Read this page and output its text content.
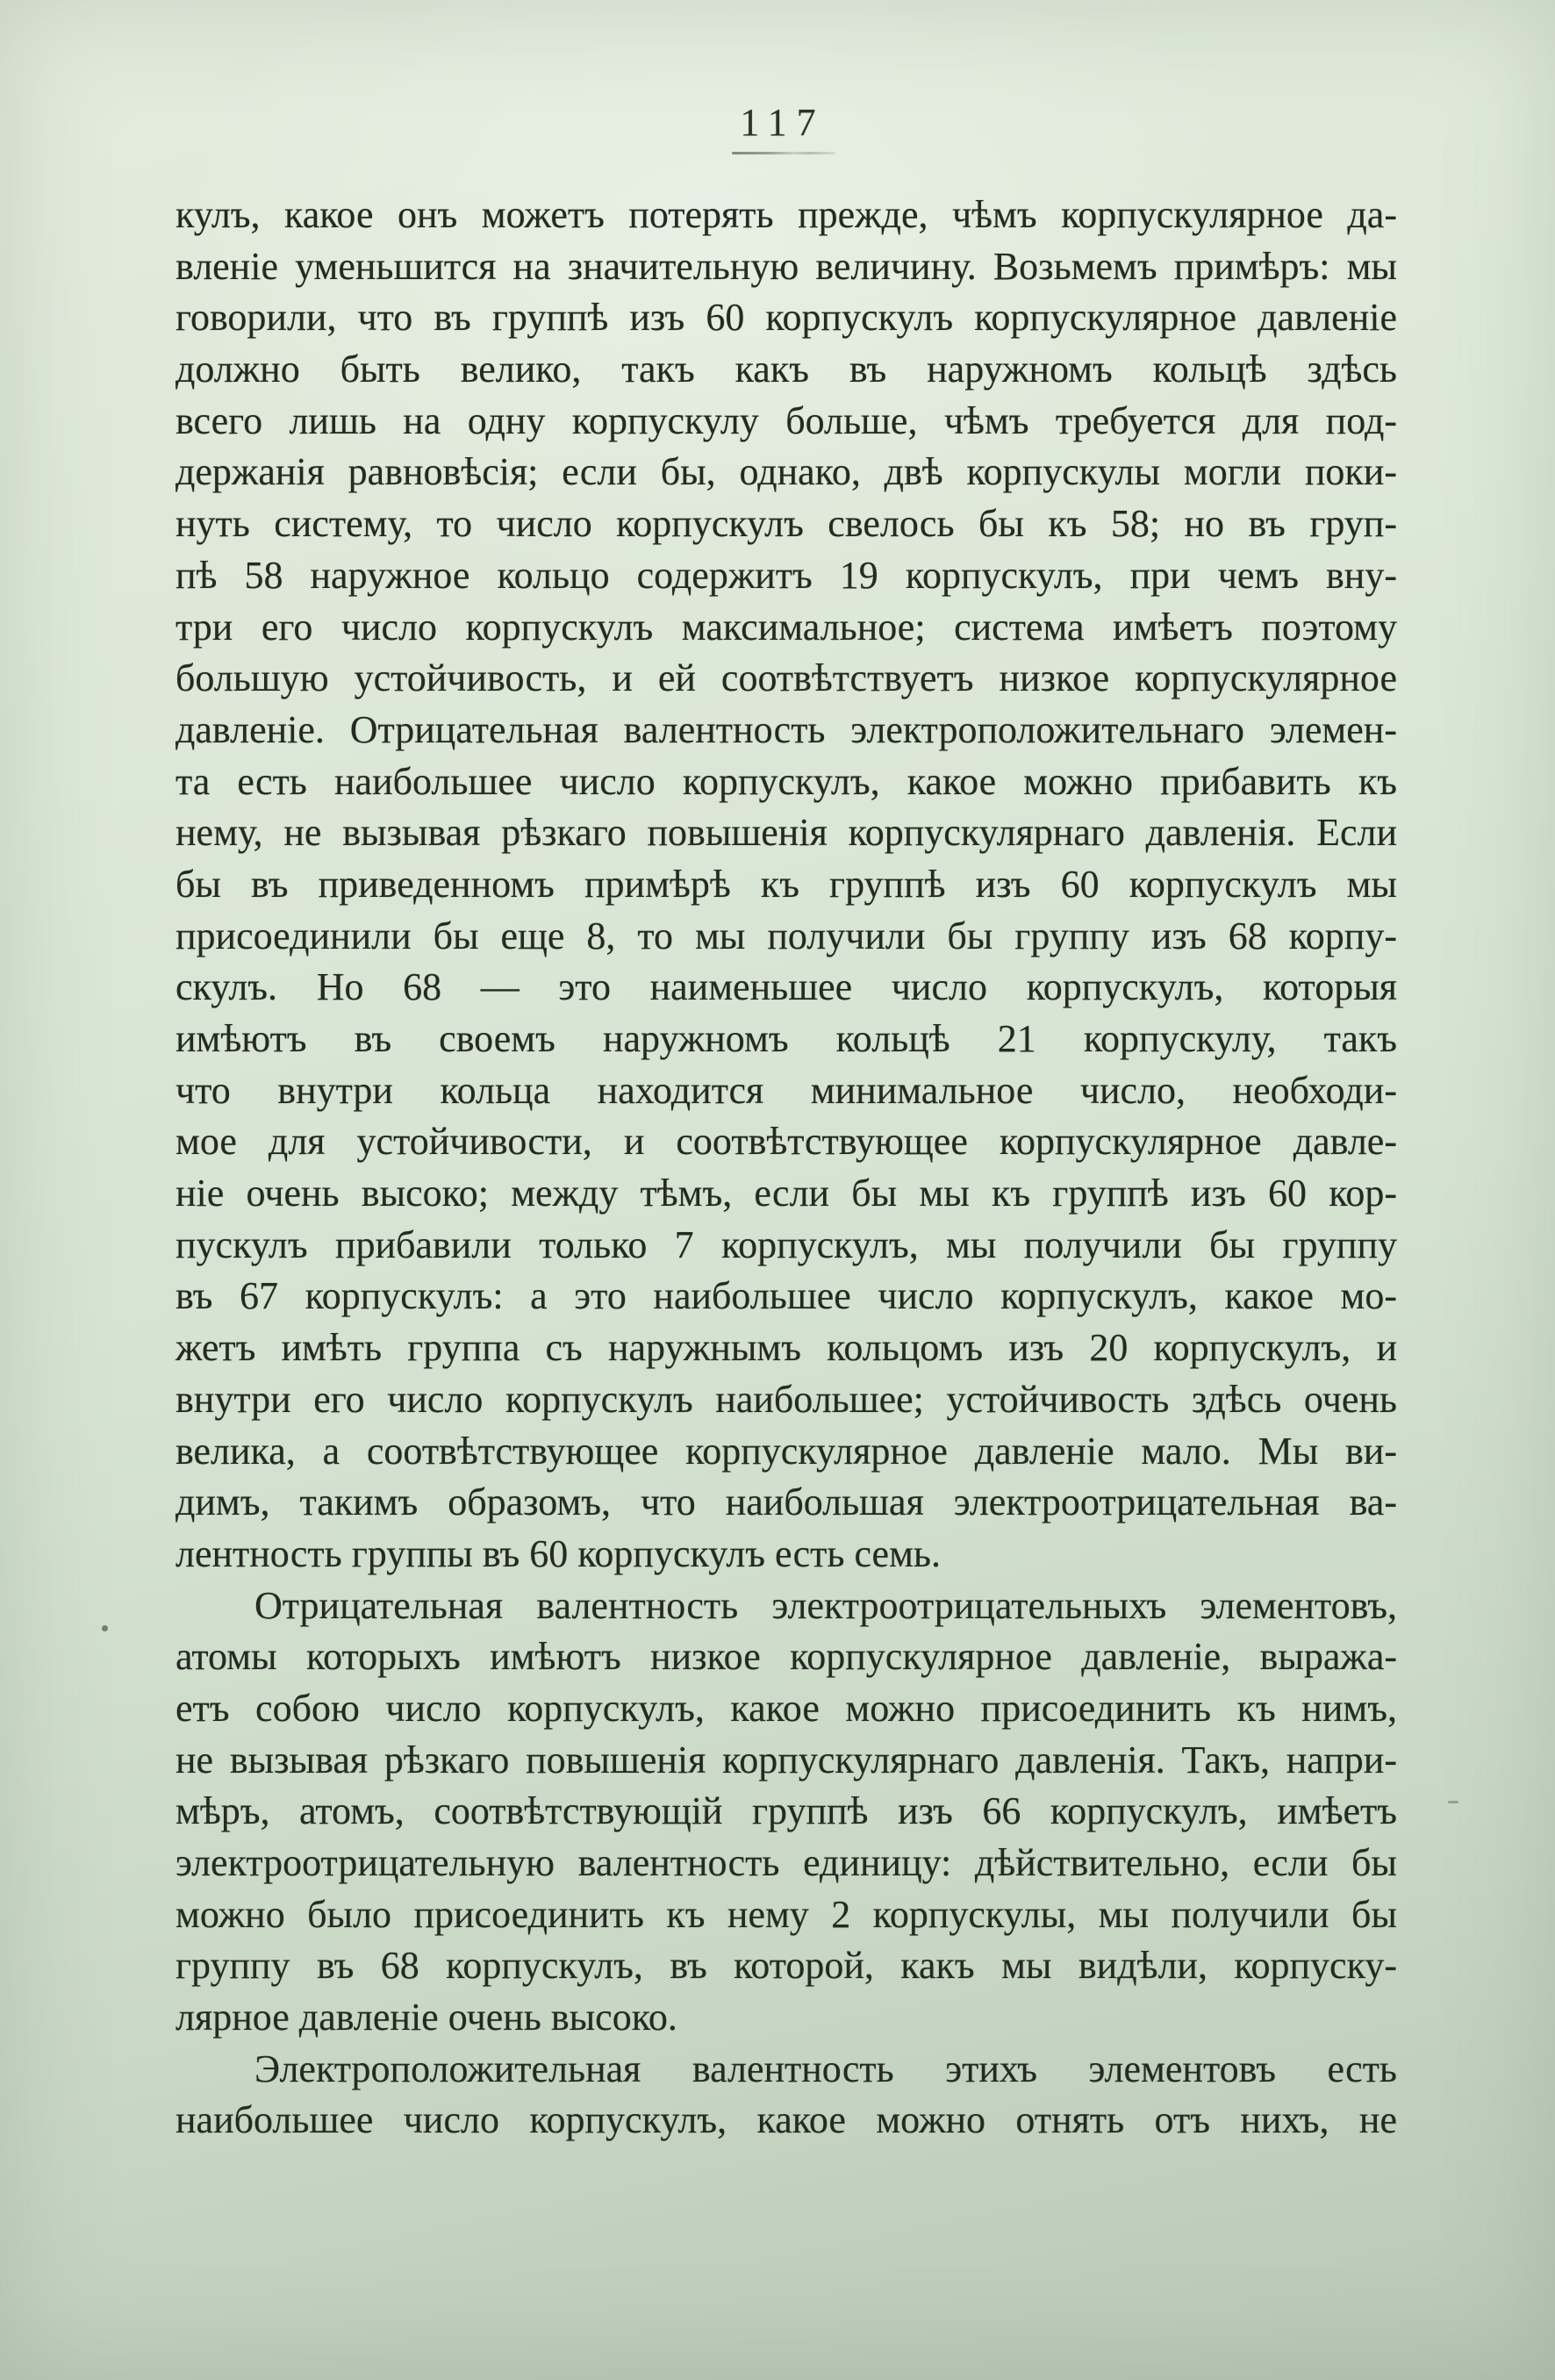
117
кулъ, какое онъ можетъ потерять прежде, чѣмъ корпускулярное да-
вленіе уменьшится на значительную величину. Возьмемъ примѣръ: мы
говорили, что въ группѣ изъ 60 корпускулъ корпускулярное давленіе
должно быть велико, такъ какъ въ наружномъ кольцѣ здѣсь
всего лишь на одну корпускулу больше, чѣмъ требуется для под-
держанія равновѣсія; если бы, однако, двѣ корпускулы могли поки-
нуть систему, то число корпускулъ свелось бы къ 58; но въ груп-
пѣ 58 наружное кольцо содержитъ 19 корпускулъ, при чемъ вну-
три его число корпускулъ максимальное; система имѣетъ поэтому
большую устойчивость, и ей соотвѣтствуетъ низкое корпускулярное
давленіе. Отрицательная валентность электроположительнаго элемен-
та есть наибольшее число корпускулъ, какое можно прибавить къ
нему, не вызывая рѣзкаго повышенія корпускулярнаго давленія. Если
бы въ приведенномъ примѣрѣ къ группѣ изъ 60 корпускулъ мы
присоединили бы еще 8, то мы получили бы группу изъ 68 корпу-
скулъ. Но 68 — это наименьшее число корпускулъ, которыя
имѣютъ въ своемъ наружномъ кольцѣ 21 корпускулу, такъ
что внутри кольца находится минимальное число, необходи-
мое для устойчивости, и соотвѣтствующее корпускулярное давле-
ніе очень высоко; между тѣмъ, если бы мы къ группѣ изъ 60 кор-
пускулъ прибавили только 7 корпускулъ, мы получили бы группу
въ 67 корпускулъ: а это наибольшее число корпускулъ, какое мо-
жетъ имѣть группа съ наружнымъ кольцомъ изъ 20 корпускулъ, и
внутри его число корпускулъ наибольшее; устойчивость здѣсь очень
велика, а соотвѣтствующее корпускулярное давленіе мало. Мы ви-
димъ, такимъ образомъ, что наибольшая электроотрицательная ва-
лентность группы въ 60 корпускулъ есть семь.
Отрицательная валентность электроотрицательныхъ элементовъ,
атомы которыхъ имѣютъ низкое корпускулярное давленіе, выража-
етъ собою число корпускулъ, какое можно присоединить къ нимъ,
не вызывая рѣзкаго повышенія корпускулярнаго давленія. Такъ, напри-
мѣръ, атомъ, соотвѣтствующій группѣ изъ 66 корпускулъ, имѣетъ
электроотрицательную валентность единицу: дѣйствительно, если бы
можно было присоединить къ нему 2 корпускулы, мы получили бы
группу въ 68 корпускулъ, въ которой, какъ мы видѣли, корпуску-
лярное давленіе очень высоко.
Электроположительная валентность этихъ элементовъ есть
наибольшее число корпускулъ, какое можно отнять отъ нихъ, не
